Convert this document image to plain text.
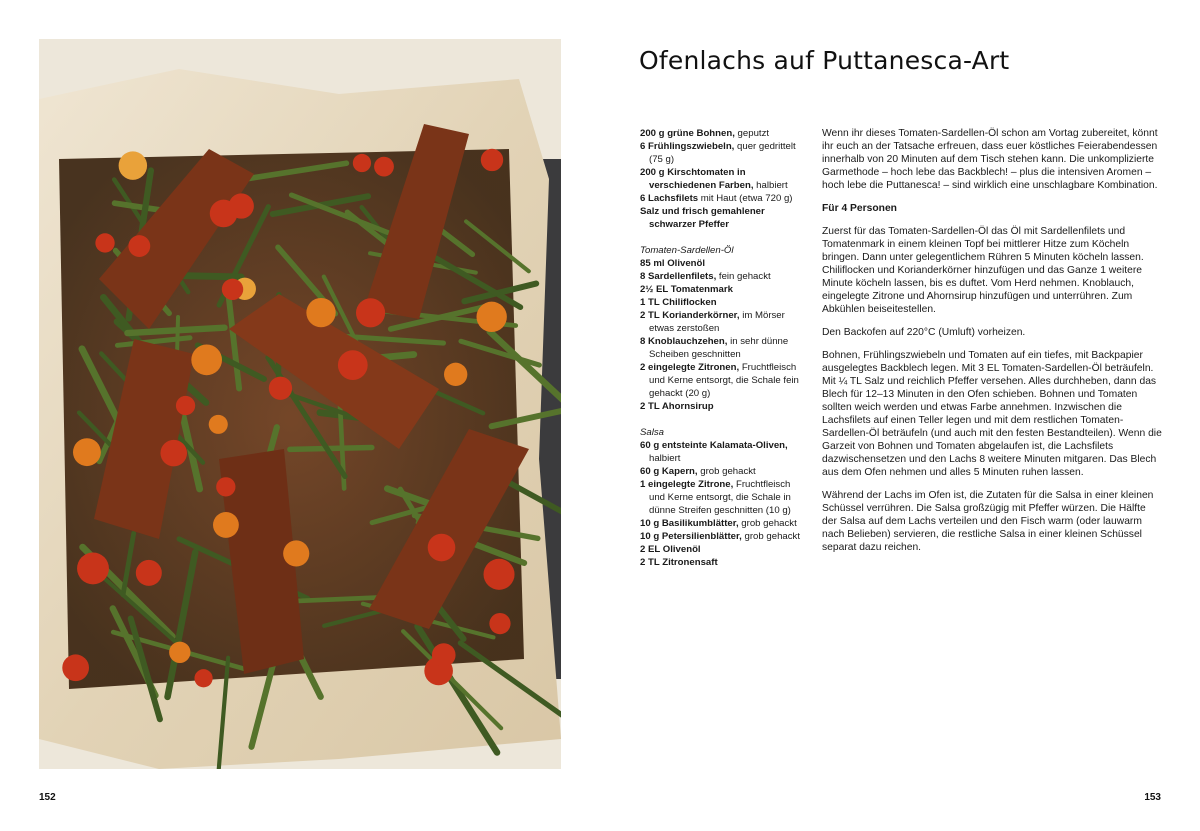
152	153
Ofenlachs auf Puttanesca-Art
200 g grüne Bohnen, geputzt
6 Frühlingszwiebeln, quer gedrittelt (75 g)
200 g Kirschtomaten in verschiedenen Farben, halbiert
6 Lachsfilets mit Haut (etwa 720 g)
Salz und frisch gemahlener schwarzer Pfeffer
Tomaten-Sardellen-Öl
85 ml Olivenöl
8 Sardellenfilets, fein gehackt
2½ EL Tomatenmark
1 TL Chiliflocken
2 TL Korianderkörner, im Mörser etwas zerstoßen
8 Knoblauchzehen, in sehr dünne Scheiben geschnitten
2 eingelegte Zitronen, Fruchtfleisch und Kerne entsorgt, die Schale fein gehackt (20 g)
2 TL Ahornsirup
Salsa
60 g entsteinte Kalamata-Oliven, halbiert
60 g Kapern, grob gehackt
1 eingelegte Zitrone, Fruchtfleisch und Kerne entsorgt, die Schale in dünne Streifen geschnitten (10 g)
10 g Basilikumblätter, grob gehackt
10 g Petersilienblätter, grob gehackt
2 EL Olivenöl
2 TL Zitronensaft

Wenn ihr dieses Tomaten-Sardellen-Öl schon am Vortag zubereitet, könnt ihr euch an der Tatsache erfreuen, dass euer köstliches Feierabendessen innerhalb von 20 Minuten auf dem Tisch stehen kann. Die unkomplizierte Garmethode – hoch lebe das Backblech! – plus die intensiven Aromen – hoch lebe die Puttanesca! – sind wirklich eine unschlagbare Kombination.

Für 4 Personen

Zuerst für das Tomaten-Sardellen-Öl das Öl mit Sardellenfilets und Tomatenmark in einem kleinen Topf bei mittlerer Hitze zum Köcheln bringen. Dann unter gelegentlichem Rühren 5 Minuten köcheln lassen. Chiliflocken und Korianderkörner hinzufügen und das Ganze 1 weitere Minute köcheln lassen, bis es duftet. Vom Herd nehmen. Knoblauch, eingelegte Zitrone und Ahornsirup hinzufügen und unterrühren. Zum Abkühlen beiseitestellen.

Den Backofen auf 220°C (Umluft) vorheizen.

Bohnen, Frühlingszwiebeln und Tomaten auf ein tiefes, mit Backpapier ausgelegtes Backblech legen. Mit 3 EL Tomaten-Sardellen-Öl beträufeln. Mit ¼ TL Salz und reichlich Pfeffer versehen. Alles durchheben, dann das Blech für 12–13 Minuten in den Ofen schieben. Bohnen und Tomaten sollten weich werden und etwas Farbe annehmen. Inzwischen die Lachsfilets auf einen Teller legen und mit dem restlichen Tomaten-Sardellen-Öl beträufeln (und auch mit den festen Bestandteilen). Wenn die Garzeit von Bohnen und Tomaten abgelaufen ist, die Lachsfilets dazwischensetzen und den Lachs 8 weitere Minuten mitgaren. Das Blech aus dem Ofen nehmen und alles 5 Minuten ruhen lassen.

Während der Lachs im Ofen ist, die Zutaten für die Salsa in einer kleinen Schüssel verrühren. Die Salsa großzügig mit Pfeffer würzen. Die Hälfte der Salsa auf dem Lachs verteilen und den Fisch warm (oder lauwarm nach Belieben) servieren, die restliche Salsa in einer kleinen Schüssel separat dazu reichen.
